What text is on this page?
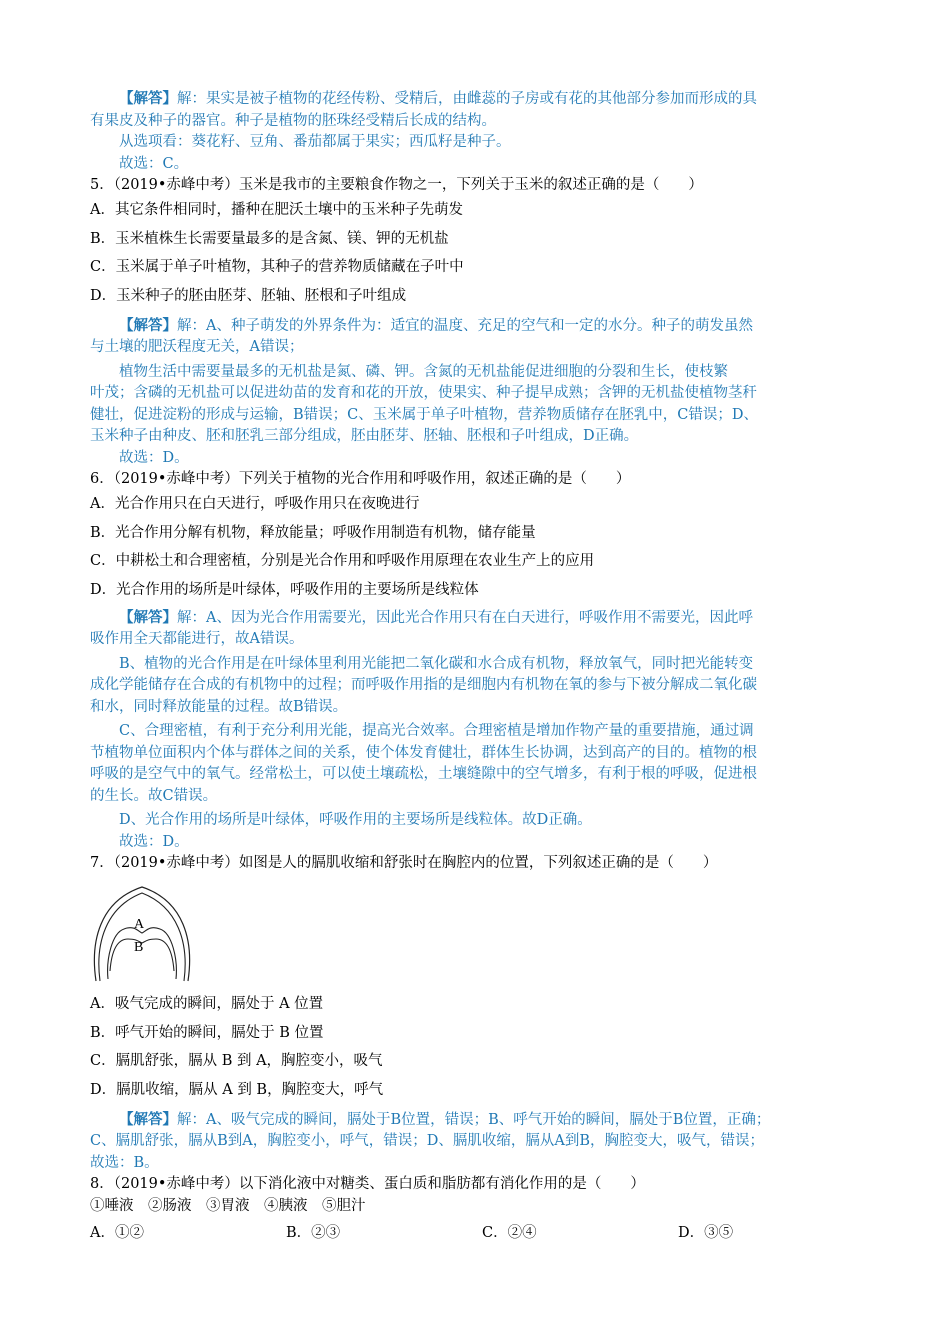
【解答】解：果实是被子植物的花经传粉、受精后，由雌蕊的子房或有花的其他部分参加而形成的具
有果皮及种子的器官。种子是植物的胚珠经受精后长成的结构。
从选项看：葵花籽、豆角、番茄都属于果实；西瓜籽是种子。
故选：C。
5．（2019•赤峰中考）玉米是我市的主要粮食作物之一，下列关于玉米的叙述正确的是（　　）
A．其它条件相同时，播种在肥沃土壤中的玉米种子先萌发
B．玉米植株生长需要量最多的是含氮、镁、钾的无机盐
C．玉米属于单子叶植物，其种子的营养物质储藏在子叶中
D．玉米种子的胚由胚芽、胚轴、胚根和子叶组成
【解答】解：A、种子萌发的外界条件为：适宜的温度、充足的空气和一定的水分。种子的萌发虽然
与土壤的肥沃程度无关，A错误；
植物生活中需要量最多的无机盐是氮、磷、钾。含氮的无机盐能促进细胞的分裂和生长，使枝繁
叶茂；含磷的无机盐可以促进幼苗的发育和花的开放，使果实、种子提早成熟；含钾的无机盐使植物茎秆
健壮，促进淀粉的形成与运输，B错误；C、玉米属于单子叶植物，营养物质储存在胚乳中，C错误；D、
玉米种子由种皮、胚和胚乳三部分组成，胚由胚芽、胚轴、胚根和子叶组成，D正确。
故选：D。
6．（2019•赤峰中考）下列关于植物的光合作用和呼吸作用，叙述正确的是（　　）
A．光合作用只在白天进行，呼吸作用只在夜晚进行
B．光合作用分解有机物，释放能量；呼吸作用制造有机物，储存能量
C．中耕松土和合理密植，分别是光合作用和呼吸作用原理在农业生产上的应用
D．光合作用的场所是叶绿体，呼吸作用的主要场所是线粒体
【解答】解：A、因为光合作用需要光，因此光合作用只有在白天进行，呼吸作用不需要光，因此呼
吸作用全天都能进行，故A错误。
B、植物的光合作用是在叶绿体里利用光能把二氧化碳和水合成有机物，释放氧气，同时把光能转变
成化学能储存在合成的有机物中的过程；而呼吸作用指的是细胞内有机物在氧的参与下被分解成二氧化碳
和水，同时释放能量的过程。故B错误。
C、合理密植，有利于充分利用光能，提高光合效率。合理密植是增加作物产量的重要措施，通过调
节植物单位面积内个体与群体之间的关系，使个体发育健壮，群体生长协调，达到高产的目的。植物的根
呼吸的是空气中的氧气。经常松土，可以使土壤疏松，土壤缝隙中的空气增多，有利于根的呼吸，促进根
的生长。故C错误。
D、光合作用的场所是叶绿体，呼吸作用的主要场所是线粒体。故D正确。
故选：D。
7．（2019•赤峰中考）如图是人的膈肌收缩和舒张时在胸腔内的位置，下列叙述正确的是（　　）
A
B
A．吸气完成的瞬间，膈处于 A 位置
B．呼气开始的瞬间，膈处于 B 位置
C．膈肌舒张，膈从 B 到 A，胸腔变小，吸气
D．膈肌收缩，膈从 A 到 B，胸腔变大，呼气
【解答】解：A、吸气完成的瞬间，膈处于B位置，错误；B、呼气开始的瞬间，膈处于B位置，正确；
C、膈肌舒张，膈从B到A，胸腔变小，呼气，错误；D、膈肌收缩，膈从A到B，胸腔变大，吸气，错误；
故选：B。
8．（2019•赤峰中考）以下消化液中对糖类、蛋白质和脂肪都有消化作用的是（　　）
①唾液　②肠液　③胃液　④胰液　⑤胆汁
A．①②	B．②③	C．②④	D．③⑤
